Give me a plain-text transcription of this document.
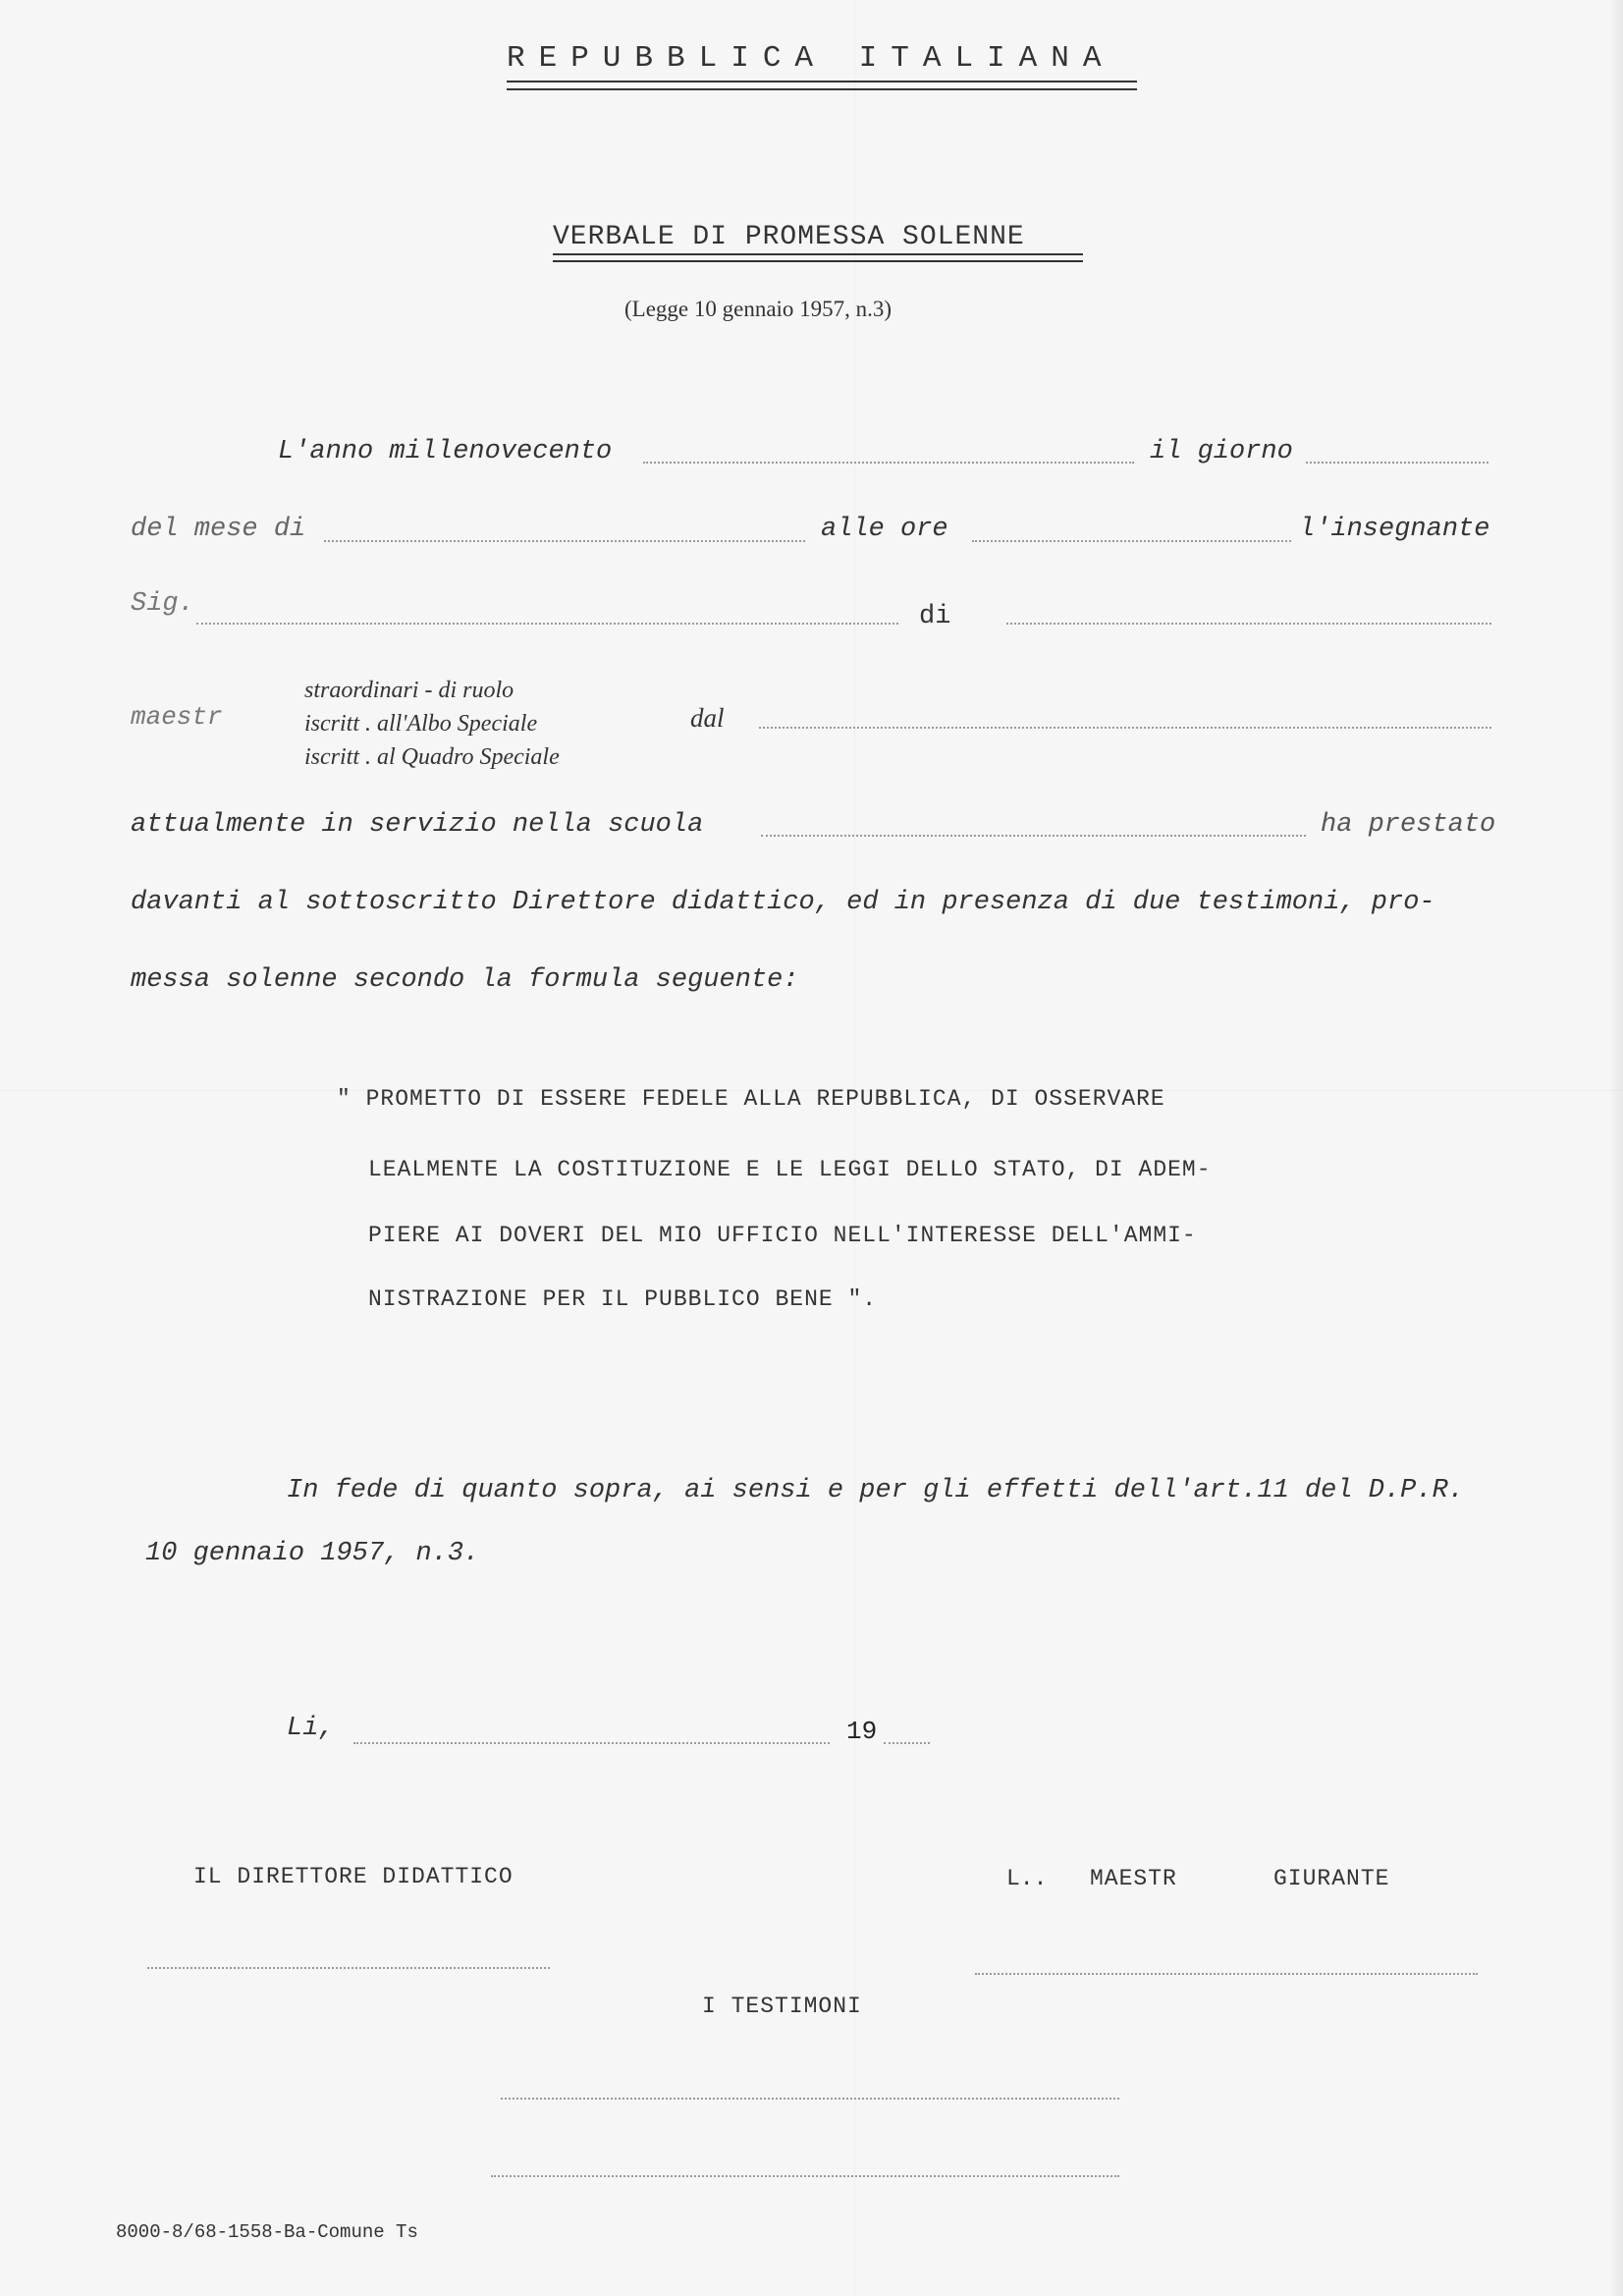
REPUBBLICA ITALIANA
VERBALE DI PROMESSA SOLENNE
(Legge 10 gennaio 1957, n.3)
L'anno millenovecento	il giorno
del mese di	alle ore	l'insegnante
Sig.	di
maestr
straordinari - di ruolo
iscritt . all'Albo Speciale
iscritt . al Quadro Speciale
dal
attualmente in servizio nella scuola	ha prestato
davanti al sottoscritto Direttore didattico, ed in presenza di due testimoni, pro-
messa solenne secondo la formula seguente:
" PROMETTO DI ESSERE FEDELE ALLA REPUBBLICA, DI OSSERVARE
LEALMENTE LA COSTITUZIONE E LE LEGGI DELLO STATO, DI ADEM-
PIERE AI DOVERI DEL MIO UFFICIO NELL'INTERESSE DELL'AMMI-
NISTRAZIONE PER IL PUBBLICO BENE ".
In fede di quanto sopra, ai sensi e per gli effetti dell'art.11 del D.P.R.
10 gennaio 1957, n.3.
Li,	19
IL DIRETTORE DIDATTICO	L.. MAESTR	GIURANTE
I TESTIMONI
8000-8/68-1558-Ba-Comune Ts
